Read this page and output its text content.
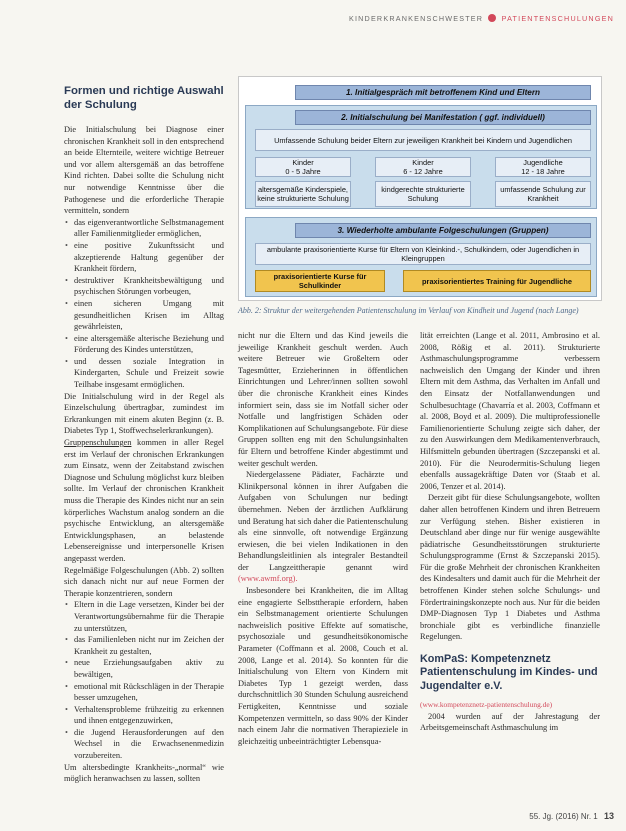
KINDERKRANKENSCHWESTER	PATIENTENSCHULUNGEN
Formen und richtige Auswahl der Schulung

Die Initialschulung bei Diagnose einer chronischen Krankheit soll in den entsprechend an beide Elternteile, weitere wichtige Betreuer und vor allem altersgemäß an das betroffene Kind richten. Dabei sollte die Schulung nicht nur notwendige Kenntnisse über die Pathogenese und die erforderliche Therapie vermitteln, sondern

• das eigenverantwortliche Selbstmanagement aller Familienmitglieder ermöglichen,
• eine positive Zukunftssicht und akzeptierende Haltung gegenüber der Krankheit fördern,
• destruktiver Krankheitsbewältigung und psychischen Störungen vorbeugen,
• einen sicheren Umgang mit gesundheitlichen Krisen im Alltag gewährleisten,
• eine altersgemäße alterische Beziehung und Förderung des Kindes unterstützen,
• und dessen soziale Integration in Kindergarten, Schule und Freizeit sowie Teilhabe insgesamt ermöglichen.

Die Initialschulung wird in der Regel als Einzelschulung übertragbar, zumindest im Erkrankungen mit einem akuten Beginn (z. B. Diabetes Typ 1, Stoffwechselerkrankungen).

Gruppenschulungen kommen in aller Regel erst im Verlauf der chronischen Erkrankungen zum Einsatz, wenn der Zeitabstand zwischen Diagnose und Schulung möglichst kurz bleiben sollte. Im Verlauf der chronischen Krankheit muss die Therapie des Kindes nicht nur an sein körperliches Wachstum analog sondern an die psychische Entwicklung, an altersgemäße Entwicklungsphasen, an belastende Lebensereignisse und interpersonelle Krisen angepasst werden.

Regelmäßige Folgeschulungen (Abb. 2) sollten sich danach nicht nur auf neue Formen der Therapie konzentrieren, sondern

• Eltern in die Lage versetzen, Kinder bei der Verantwortungsübernahme für die Therapie zu unterstützen,
• das Familienleben nicht nur im Zeichen der Krankheit zu gestalten,
• neue Erziehungsaufgaben aktiv zu bewältigen,
• emotional mit Rückschlägen in der Therapie besser umzugehen,
• Verhaltensprobleme frühzeitig zu erkennen und ihnen entgegenzuwirken,
• die Jugend Herausforderungen auf den Wechsel in die Erwachsenenmedizin vorzubereiten.

Um altersbedingte Krankheits-„normal“ wie möglich heranwachsen zu lassen, sollten

1. Initialgespräch mit betroffenem Kind und Eltern
2. Initialschulung bei Manifestation ( ggf. individuell)
Umfassende Schulung beider Eltern zur jeweiligen Krankheit bei Kindern und Jugendlichen
Kinder
0 - 5 Jahre
Kinder
6 - 12 Jahre
Jugendliche
12 - 18 Jahre
altersgemäße Kinderspiele, keine strukturierte Schulung
kindgerechte strukturierte Schulung
umfassende Schulung zur Krankheit
3. Wiederholte ambulante Folgeschulungen (Gruppen)
ambulante praxisorientierte Kurse für Eltern von Kleinkind.-, Schulkindern, oder Jugendlichen in Kleingruppen
praxisorientierte Kurse für Schulkinder	praxisorientiertes Training für Jugendliche
Abb. 2: Struktur der weitergehenden Patientenschulung im Verlauf von Kindheit und Jugend (nach Lange)

nicht nur die Eltern und das Kind jeweils die jeweilige Krankheit geschult werden. Auch weitere Betreuer wie Großeltern oder Tagesmütter, Erzieherinnen in öffentlichen Einrichtungen und Lehrer/innen sollten sowohl über die chronische Krankheit eines Kindes informiert sein, dass sie im Notfall sicher oder Notfalle und langfristigen Schäden oder Komplikationen auf Schulungsangebote. Für diese Gruppen sollten eng mit den Schulungsinhalten für Eltern und betroffene Kinder abgestimmt und weiter geschult werden.

Niedergelassene Pädiater, Fachärzte und Klinikpersonal können in ihrer Aufgaben die Aufgaben von Schulungen nur bedingt übernehmen. Neben der ärztlichen Aufklärung und Beratung hat sich daher die Patientenschulung als eine sinnvolle, oft notwendige Ergänzung erwiesen, die bei vielen Indikationen in den Behandlungsleitlinien als integraler Bestandteil der Langzeittherapie genannt wird (www.awmf.org).

Insbesondere bei Krankheiten, die im Alltag eine engagierte Selbsttherapie erfordern, haben ein Selbstmanagement orientierte Schulungen nachweislich positive Effekte auf somatische, psychosoziale und gesundheitsökonomische Parameter (Coffmann et al. 2008, Couch et al. 2008, Lange et al. 2014). So konnten für die Initialschulung von Eltern von Kindern mit Diabetes Typ 1 gezeigt werden, dass durchschnittlich 30 Stunden Schulung ausreichend Fertigkeiten, Kenntnisse und soziale Kompetenzen vermitteln, so dass 90% der Kinder nach einem Jahr die normativen Therapieziele in gleichzeitig unbeeinträchtigter Lebensqua-

lität erreichten (Lange et al. 2011, Ambrosino et al. 2008, Rößig et al. 2011). Strukturierte Asthmaschulungsprogramme verbessern nachweislich den Umgang der Kinder und ihren Eltern mit dem Asthma, das Verhalten im Anfall und den Einsatz der Notfallanwendungen und Schulbesuchtage (Chavarría et al. 2003, Coffmann et al. 2008, Boyd et al. 2009). Die multiprofessionelle Familienorientierte Schulung zeigte sich daher, der zu den Auswirkungen dem Medikamentenverbrauch, Hilfsmitteln gebunden übertragen (Szczepanski et al. 2010). Für die Neurodermitis-Schulung liegen ebenfalls aussagekräftige Daten vor (Staab et al. 2006, Tenzer et al. 2014).

Derzeit gibt für diese Schulungsangebote, wollten daher allen betroffenen Kindern und ihren Betreuern zur Verfügung stehen. Bisher existieren in Deutschland aber dinge nur für wenige ausgewählte pädiatrische Gesundheitsstörungen strukturierte Schulungsprogramme (Ernst & Szczepanski 2015). Für die große Mehrheit der chronischen Krankheiten des Kindesalters und damit auch für die Mehrheit der betroffenen Kinder stehen solche Schulungs- und Fördertrainingskonzepte noch aus. Nur für die beiden DMP-Diagnosen Typ 1 Diabetes und Asthma bronchiale gibt es verbindliche finanzielle Regelungen.

KomPaS: Kompetenznetz Patientenschulung im Kindes- und Jugendalter e.V.

(www.kompetenznetz-patientenschulung.de)

2004 wurden auf der Jahrestagung der Arbeitsgemeinschaft Asthmaschulung im

55. Jg. (2016) Nr. 1 13
